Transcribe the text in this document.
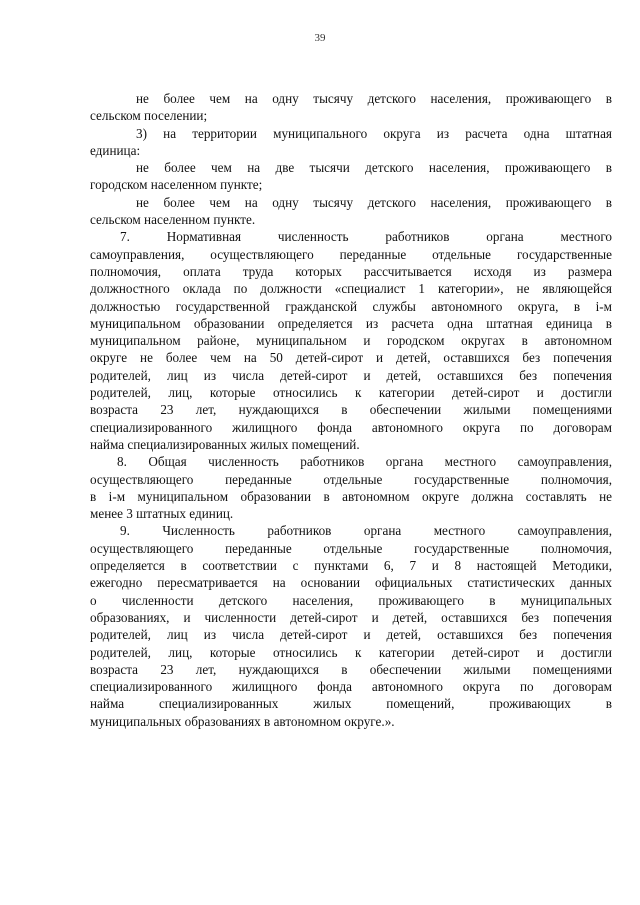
39
не более чем на одну тысячу детского населения, проживающего в
сельском поселении;
3) на территории муниципального округа из расчета одна штатная
единица:
не более чем на две тысячи детского населения, проживающего в
городском населенном пункте;
не более чем на одну тысячу детского населения, проживающего в
сельском населенном пункте.
7. Нормативная численность работников органа местного
самоуправления, осуществляющего переданные отдельные государственные
полномочия, оплата труда которых рассчитывается исходя из размера
должностного оклада по должности «специалист 1 категории», не являющейся
должностью государственной гражданской службы автономного округа, в i-м
муниципальном образовании определяется из расчета одна штатная единица в
муниципальном районе, муниципальном и городском округах в автономном
округе не более чем на 50 детей-сирот и детей, оставшихся без попечения
родителей, лиц из числа детей-сирот и детей, оставшихся без попечения
родителей, лиц, которые относились к категории детей-сирот и достигли
возраста 23 лет, нуждающихся в обеспечении жилыми помещениями
специализированного жилищного фонда автономного округа по договорам
найма специализированных жилых помещений.
8. Общая численность работников органа местного самоуправления,
осуществляющего переданные отдельные государственные полномочия,
в i-м муниципальном образовании в автономном округе должна составлять не
менее 3 штатных единиц.
9. Численность работников органа местного самоуправления,
осуществляющего переданные отдельные государственные полномочия,
определяется в соответствии с пунктами 6, 7 и 8 настоящей Методики,
ежегодно пересматривается на основании официальных статистических данных
о численности детского населения, проживающего в муниципальных
образованиях, и численности детей-сирот и детей, оставшихся без попечения
родителей, лиц из числа детей-сирот и детей, оставшихся без попечения
родителей, лиц, которые относились к категории детей-сирот и достигли
возраста 23 лет, нуждающихся в обеспечении жилыми помещениями
специализированного жилищного фонда автономного округа по договорам
найма специализированных жилых помещений, проживающих в
муниципальных образованиях в автономном округе.».
